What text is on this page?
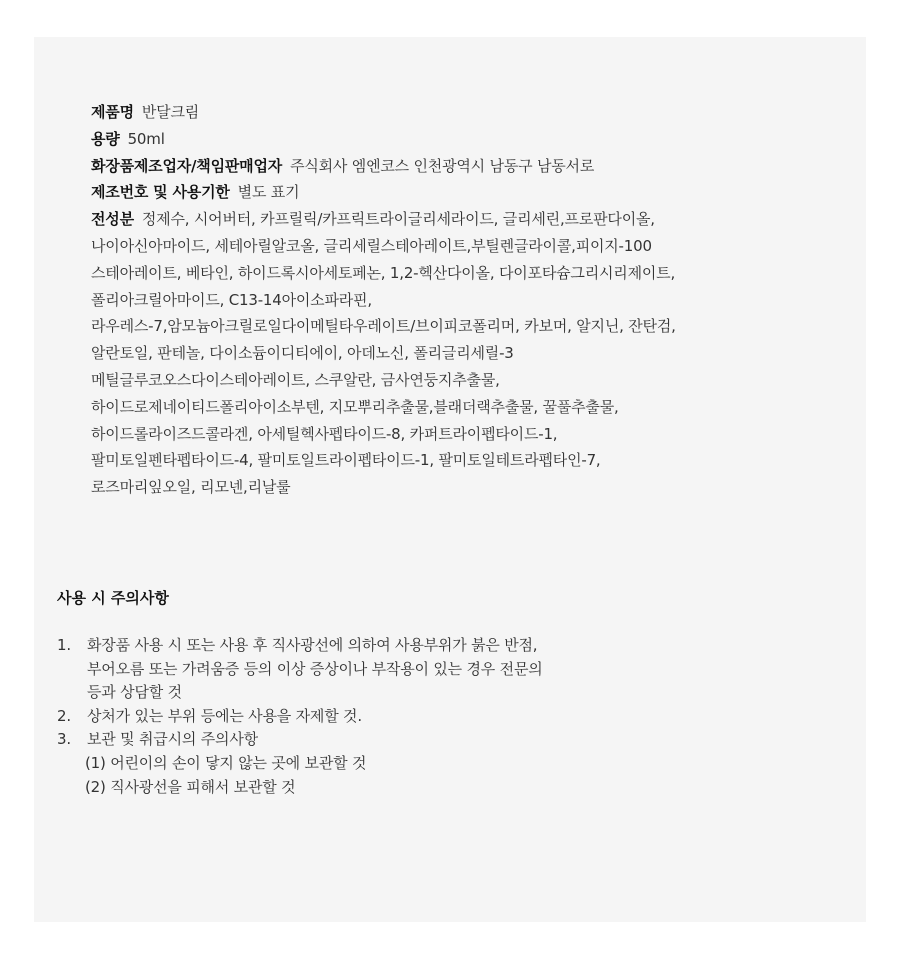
제품명 반달크림
용량 50ml
화장품제조업자/책임판매업자 주식회사 엠엔코스 인천광역시 남동구 남동서로
제조번호 및 사용기한 별도 표기
전성분 정제수, 시어버터, 카프릴릭/카프릭트라이글리세라이드, 글리세린,프로판다이올,
나이아신아마이드, 세테아릴알코올, 글리세릴스테아레이트,부틸렌글라이콜,피이지-100
스테아레이트, 베타인, 하이드록시아세토페논, 1,2-헥산다이올, 다이포타슘그리시리제이트,
폴리아크릴아마이드, C13-14아이소파라핀,
라우레스-7,암모늄아크릴로일다이메틸타우레이트/브이피코폴리머, 카보머, 알지닌, 잔탄검,
알란토일, 판테놀, 다이소듐이디티에이, 아데노신, 폴리글리세릴-3
메틸글루코오스다이스테아레이트, 스쿠알란, 금사연둥지추출물,
하이드로제네이티드폴리아이소부텐, 지모뿌리추출물,블래더랙추출물, 꿀풀추출물,
하이드롤라이즈드콜라겐, 아세틸헥사펩타이드-8, 카퍼트라이펩타이드-1,
팔미토일펜타펩타이드-4, 팔미토일트라이펩타이드-1, 팔미토일테트라펩타인-7,
로즈마리잎오일, 리모넨,리날룰
사용 시 주의사항
1.	화장품 사용 시 또는 사용 후 직사광선에 의하여 사용부위가 붉은 반점,
부어오름 또는 가려움증 등의 이상 증상이나 부작용이 있는 경우 전문의
등과 상담할 것
2.	상처가 있는 부위 등에는 사용을 자제할 것.
3.	보관 및 취급시의 주의사항
(1) 어린이의 손이 닿지 않는 곳에 보관할 것
(2) 직사광선을 피해서 보관할 것
